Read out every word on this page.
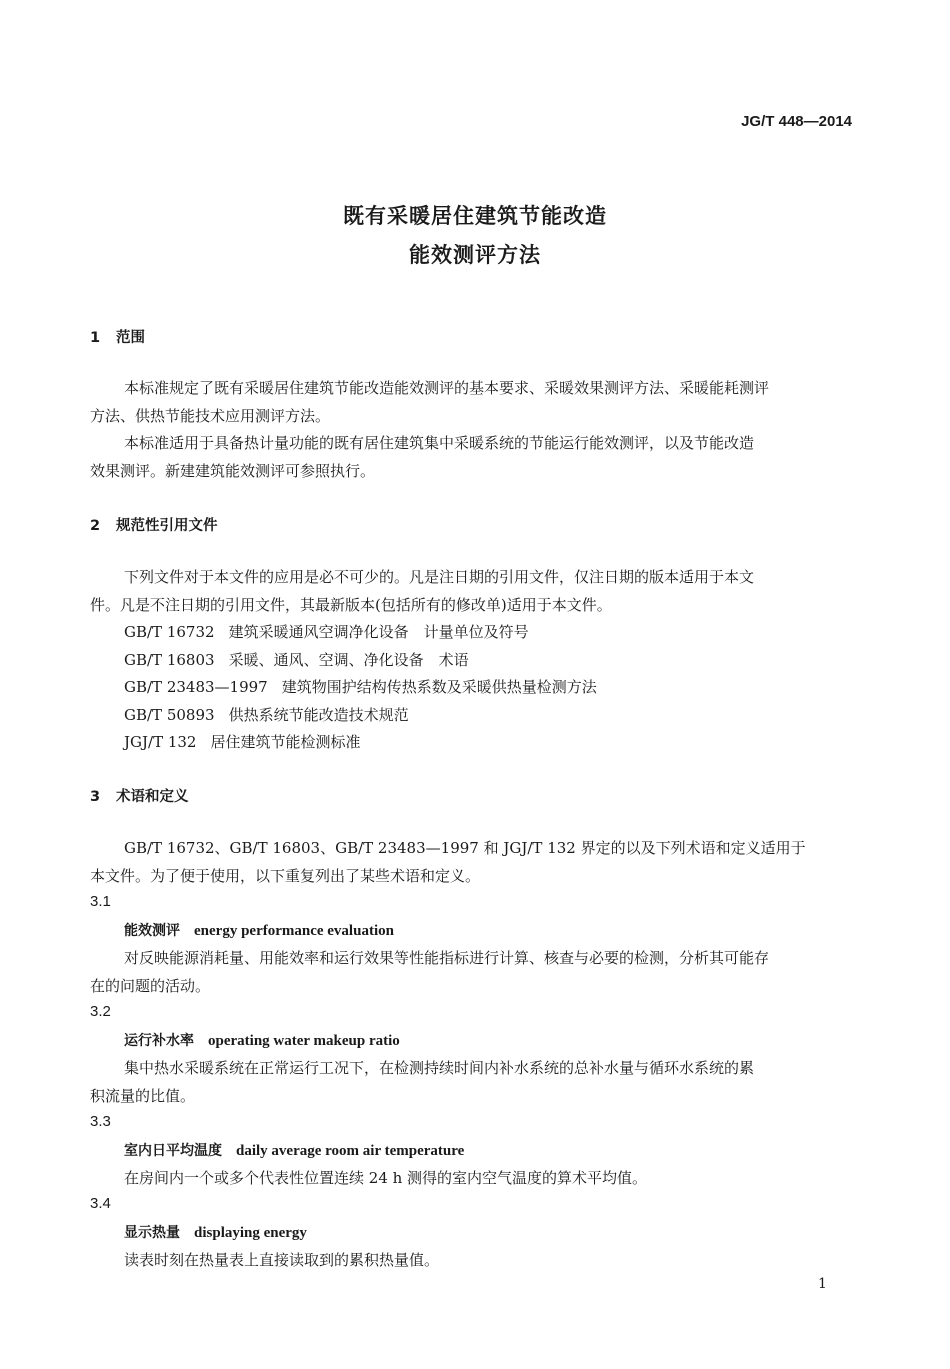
JG/T 448—2014
既有采暖居住建筑节能改造
能效测评方法
1 范围
本标准规定了既有采暖居住建筑节能改造能效测评的基本要求、采暖效果测评方法、采暖能耗测评
方法、供热节能技术应用测评方法。
本标准适用于具备热计量功能的既有居住建筑集中采暖系统的节能运行能效测评，以及节能改造
效果测评。新建建筑能效测评可参照执行。
2 规范性引用文件
下列文件对于本文件的应用是必不可少的。凡是注日期的引用文件，仅注日期的版本适用于本文
件。凡是不注日期的引用文件，其最新版本(包括所有的修改单)适用于本文件。
GB/T 16732 建筑采暖通风空调净化设备　计量单位及符号
GB/T 16803 采暖、通风、空调、净化设备　术语
GB/T 23483—1997 建筑物围护结构传热系数及采暖供热量检测方法
GB/T 50893 供热系统节能改造技术规范
JGJ/T 132 居住建筑节能检测标准
3 术语和定义
GB/T 16732、GB/T 16803、GB/T 23483—1997 和 JGJ/T 132 界定的以及下列术语和定义适用于
本文件。为了便于使用，以下重复列出了某些术语和定义。
3.1
能效测评 energy performance evaluation
对反映能源消耗量、用能效率和运行效果等性能指标进行计算、核查与必要的检测，分析其可能存
在的问题的活动。
3.2
运行补水率 operating water makeup ratio
集中热水采暖系统在正常运行工况下，在检测持续时间内补水系统的总补水量与循环水系统的累
积流量的比值。
3.3
室内日平均温度 daily average room air temperature
在房间内一个或多个代表性位置连续 24 h 测得的室内空气温度的算术平均值。
3.4
显示热量 displaying energy
读表时刻在热量表上直接读取到的累积热量值。
1
